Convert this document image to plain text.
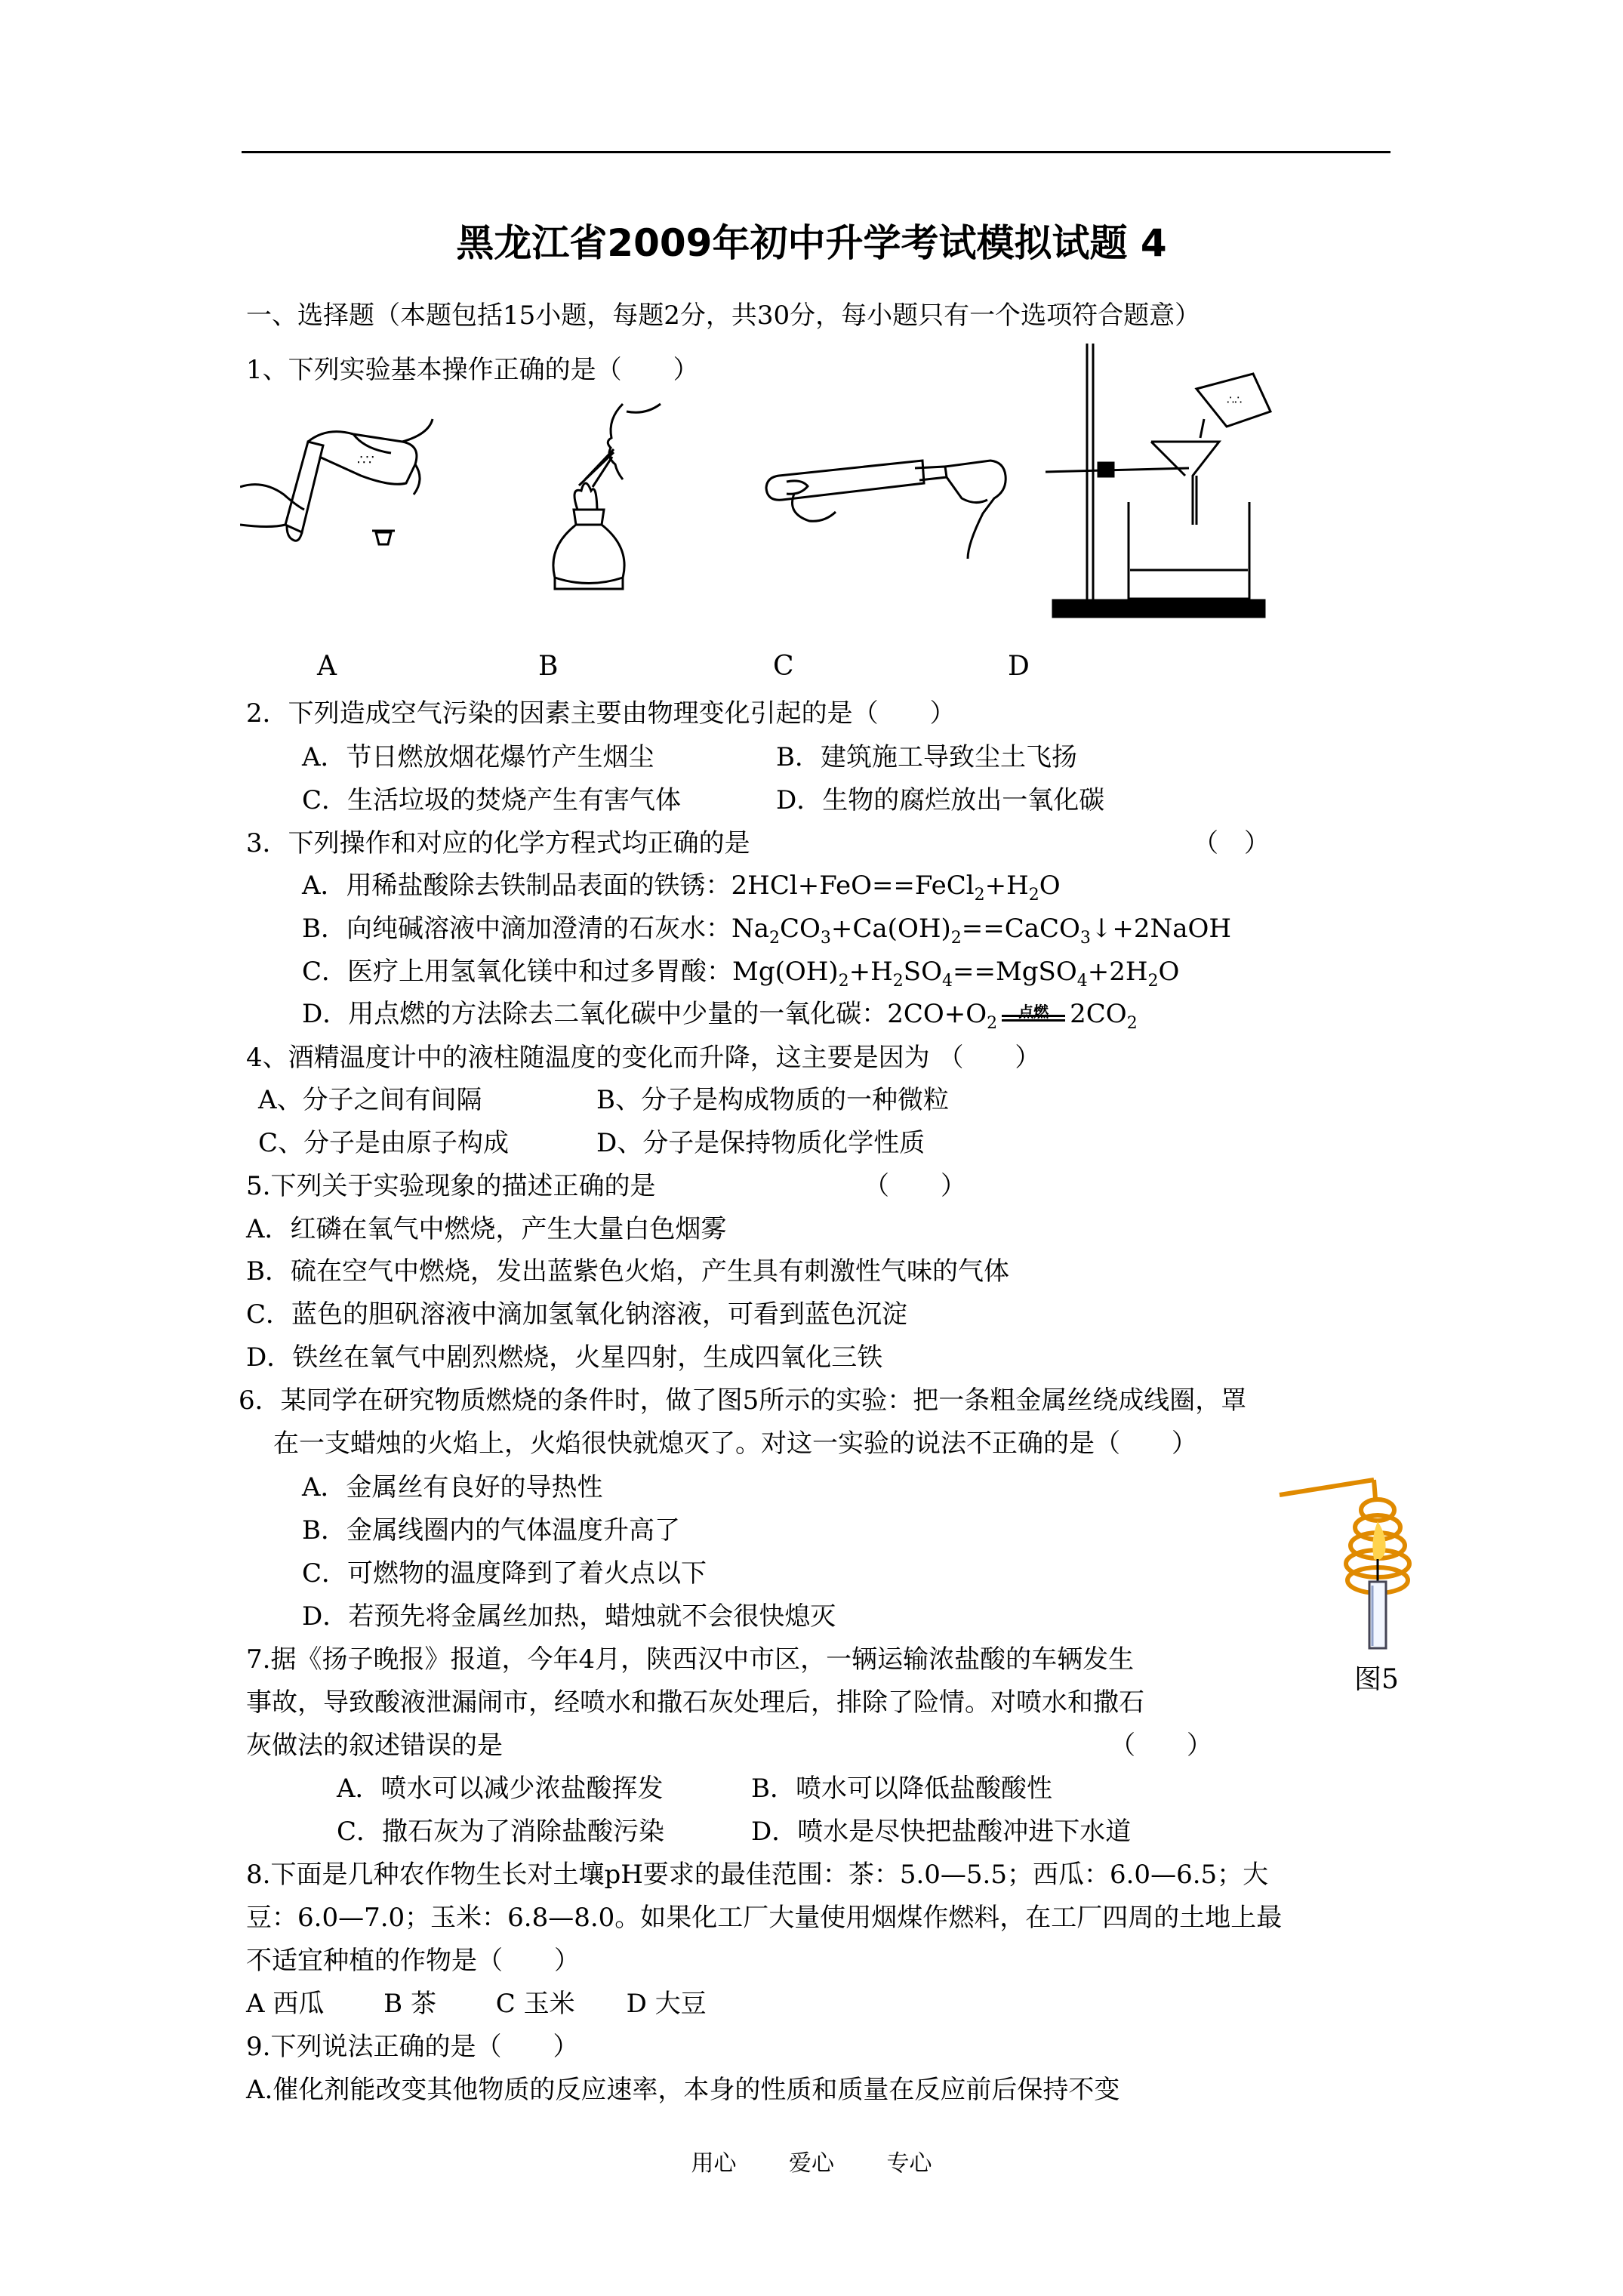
黑龙江省2009年初中升学考试模拟试题 4
一、选择题（本题包括15小题，每题2分，共30分，每小题只有一个选项符合题意）
1、下列实验基本操作正确的是（　　）
∴∵
∴∴
·
A	B	C	D
2．下列造成空气污染的因素主要由物理变化引起的是（　　）
A．节日燃放烟花爆竹产生烟尘	B．建筑施工导致尘土飞扬
C．生活垃圾的焚烧产生有害气体	D．生物的腐烂放出一氧化碳
3．下列操作和对应的化学方程式均正确的是	（　）
A．用稀盐酸除去铁制品表面的铁锈：$2HCl+FeO==FeCl_2+H_2O$
B．向纯碱溶液中滴加澄清的石灰水：$Na_2CO_3+Ca(OH)_2==CaCO_3↓+2NaOH$
C．医疗上用氢氧化镁中和过多胃酸：$Mg(OH)_2+H_2SO_4==MgSO_4+2H_2O$
D．用点燃的方法除去二氧化碳中少量的一氧化碳：$2CO+O_2$
点燃 $2CO_2$
4、酒精温度计中的液柱随温度的变化而升降，这主要是因为 （　　）
A、分子之间有间隔	B、分子是构成物质的一种微粒
C、分子是由原子构成	D、分子是保持物质化学性质
5.下列关于实验现象的描述正确的是	（　　）
A．红磷在氧气中燃烧，产生大量白色烟雾
B．硫在空气中燃烧，发出蓝紫色火焰，产生具有刺激性气味的气体
C．蓝色的胆矾溶液中滴加氢氧化钠溶液，可看到蓝色沉淀
D．铁丝在氧气中剧烈燃烧，火星四射，生成四氧化三铁
6．某同学在研究物质燃烧的条件时，做了图5所示的实验：把一条粗金属丝绕成线圈，罩
在一支蜡烛的火焰上，火焰很快就熄灭了。对这一实验的说法不正确的是（　　）
A．金属丝有良好的导热性
B．金属线圈内的气体温度升高了
C．可燃物的温度降到了着火点以下
D．若预先将金属丝加热，蜡烛就不会很快熄灭
图5
7.据《扬子晚报》报道，今年4月，陕西汉中市区，一辆运输浓盐酸的车辆发生
事故，导致酸液泄漏闹市，经喷水和撒石灰处理后，排除了险情。对喷水和撒石
灰做法的叙述错误的是	（　　）
A．喷水可以减少浓盐酸挥发	B．喷水可以降低盐酸酸性
C．撒石灰为了消除盐酸污染	D．喷水是尽快把盐酸冲进下水道
8.下面是几种农作物生长对土壤pH要求的最佳范围：茶：5.0—5.5；西瓜：6.0—6.5；大
豆：6.0—7.0；玉米：6.8—8.0。如果化工厂大量使用烟煤作燃料，在工厂四周的土地上最
不适宜种植的作物是（　　）
A 西瓜　　 B 茶　　 C 玉米　　D 大豆
9.下列说法正确的是（　　）
A.催化剂能改变其他物质的反应速率，本身的性质和质量在反应前后保持不变
用心 爱心 专心
